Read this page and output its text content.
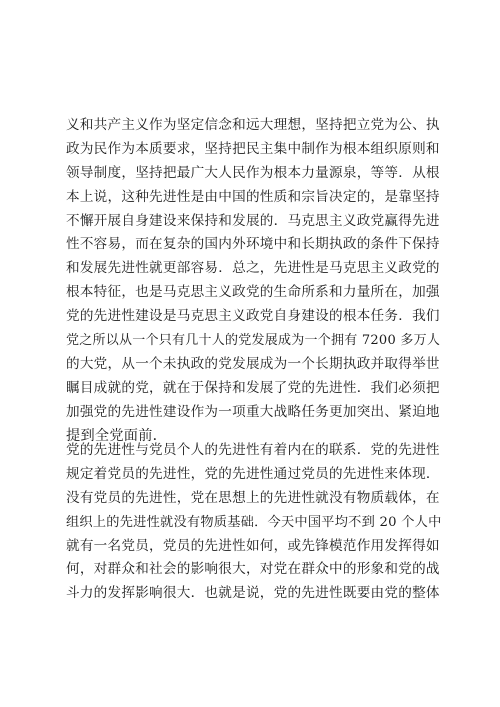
义和共产主义作为坚定信念和远大理想，坚持把立党为公、执
政为民作为本质要求，坚持把民主集中制作为根本组织原则和
领导制度，坚持把最广大人民作为根本力量源泉，等等．从根
本上说，这种先进性是由中国的性质和宗旨决定的，是靠坚持
不懈开展自身建设来保持和发展的．马克思主义政党赢得先进
性不容易，而在复杂的国内外环境中和长期执政的条件下保持
和发展先进性就更部容易．总之，先进性是马克思主义政党的
根本特征，也是马克思主义政党的生命所系和力量所在，加强
党的先进性建设是马克思主义政党自身建设的根本任务．我们
党之所以从一个只有几十人的党发展成为一个拥有 7200 多万人
的大党，从一个未执政的党发展成为一个长期执政并取得举世
瞩目成就的党，就在于保持和发展了党的先进性．我们必须把
加强党的先进性建设作为一项重大战略任务更加突出、紧迫地
提到全党面前．
党的先进性与党员个人的先进性有着内在的联系．党的先进性
规定着党员的先进性，党的先进性通过党员的先进性来体现．
没有党员的先进性，党在思想上的先进性就没有物质载体，在
组织上的先进性就没有物质基础．今天中国平均不到 20 个人中
就有一名党员，党员的先进性如何，或先锋模范作用发挥得如
何，对群众和社会的影响很大，对党在群众中的形象和党的战
斗力的发挥影响很大．也就是说，党的先进性既要由党的整体
